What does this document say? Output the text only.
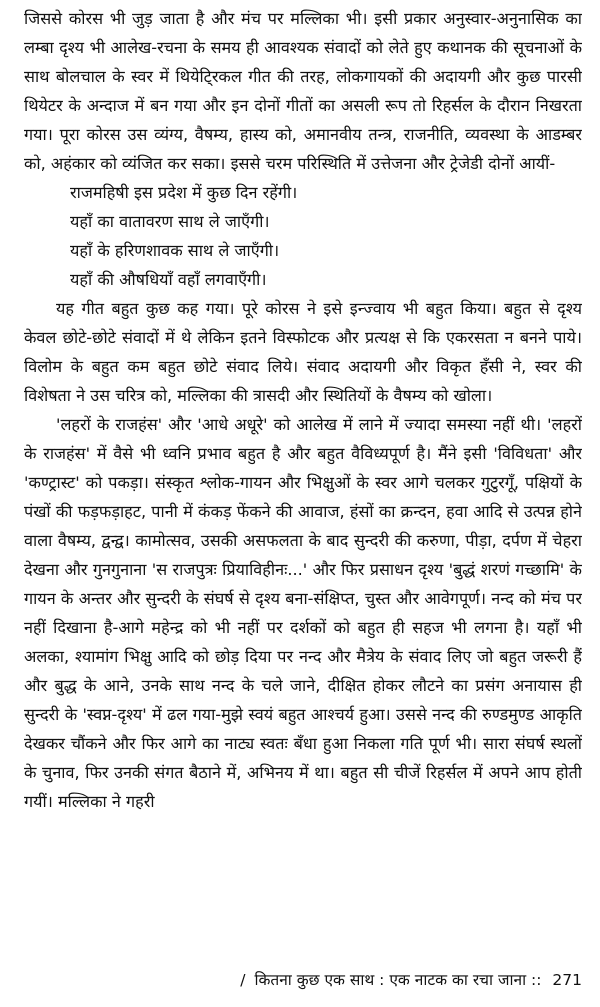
जिससे कोरस भी जुड़ जाता है और मंच पर मल्लिका भी। इसी प्रकार अनुस्वार-अनुनासिक का लम्बा दृश्य भी आलेख-रचना के समय ही आवश्यक संवादों को लेते हुए कथानक की सूचनाओं के साथ बोलचाल के स्वर में थियेटि्रकल गीत की तरह, लोकगायकों की अदायगी और कुछ पारसी थियेटर के अन्दाज में बन गया और इन दोनों गीतों का असली रूप तो रिहर्सल के दौरान निखरता गया। पूरा कोरस उस व्यंग्य, वैषम्य, हास्य को, अमानवीय तन्त्र, राजनीति, व्यवस्था के आडम्बर को, अहंकार को व्यंजित कर सका। इससे चरम परिस्थिति में उत्तेजना और ट्रेजेडी दोनों आयीं-

राजमहिषी इस प्रदेश में कुछ दिन रहेंगी।
यहाँ का वातावरण साथ ले जाएँगी।
यहाँ के हरिणशावक साथ ले जाएँगी।
यहाँ की औषधियाँ वहाँ लगवाएँगी।

यह गीत बहुत कुछ कह गया। पूरे कोरस ने इसे इन्ज्वाय भी बहुत किया। बहुत से दृश्य केवल छोटे-छोटे संवादों में थे लेकिन इतने विस्फोटक और प्रत्यक्ष से कि एकरसता न बनने पाये। विलोम के बहुत कम बहुत छोटे संवाद लिये। संवाद अदायगी और विकृत हँसी ने, स्वर की विशेषता ने उस चरित्र को, मल्लिका की त्रासदी और स्थितियों के वैषम्य को खोला।

'लहरों के राजहंस' और 'आधे अधूरे' को आलेख में लाने में ज्यादा समस्या नहीं थी। 'लहरों के राजहंस' में वैसे भी ध्वनि प्रभाव बहुत है और बहुत वैविध्यपूर्ण है। मैंने इसी 'विविधता' और 'कण्ट्रास्ट' को पकड़ा। संस्कृत श्लोक-गायन और भिक्षुओं के स्वर आगे चलकर गुटुरगूँ, पक्षियों के पंखों की फड़फड़ाहट, पानी में कंकड़ फेंकने की आवाज, हंसों का क्रन्दन, हवा आदि से उत्पन्न होने वाला वैषम्य, द्वन्द्व। कामोत्सव, उसकी असफलता के बाद सुन्दरी की करुणा, पीड़ा, दर्पण में चेहरा देखना और गुनगुनाना 'स राजपुत्रः प्रियाविहीनः...' और फिर प्रसाधन दृश्य 'बुद्धं शरणं गच्छामि' के गायन के अन्तर और सुन्दरी के संघर्ष से दृश्य बना-संक्षिप्त, चुस्त और आवेगपूर्ण। नन्द को मंच पर नहीं दिखाना है-आगे महेन्द्र को भी नहीं पर दर्शकों को बहुत ही सहज भी लगना है। यहाँ भी अलका, श्यामांग भिक्षु आदि को छोड़ दिया पर नन्द और मैत्रेय के संवाद लिए जो बहुत जरूरी हैं और बुद्ध के आने, उनके साथ नन्द के चले जाने, दीक्षित होकर लौटने का प्रसंग अनायास ही सुन्दरी के 'स्वप्न-दृश्य' में ढल गया-मुझे स्वयं बहुत आश्चर्य हुआ। उससे नन्द की रुण्डमुण्ड आकृति देखकर चौंकने और फिर आगे का नाट्य स्वतः बँधा हुआ निकला गति पूर्ण भी। सारा संघर्ष स्थलों के चुनाव, फिर उनकी संगत बैठाने में, अभिनय में था। बहुत सी चीजें रिहर्सल में अपने आप होती गयीं। मल्लिका ने गहरी

/ कितना कुछ एक साथ : एक नाटक का रचा जाना :: 271
